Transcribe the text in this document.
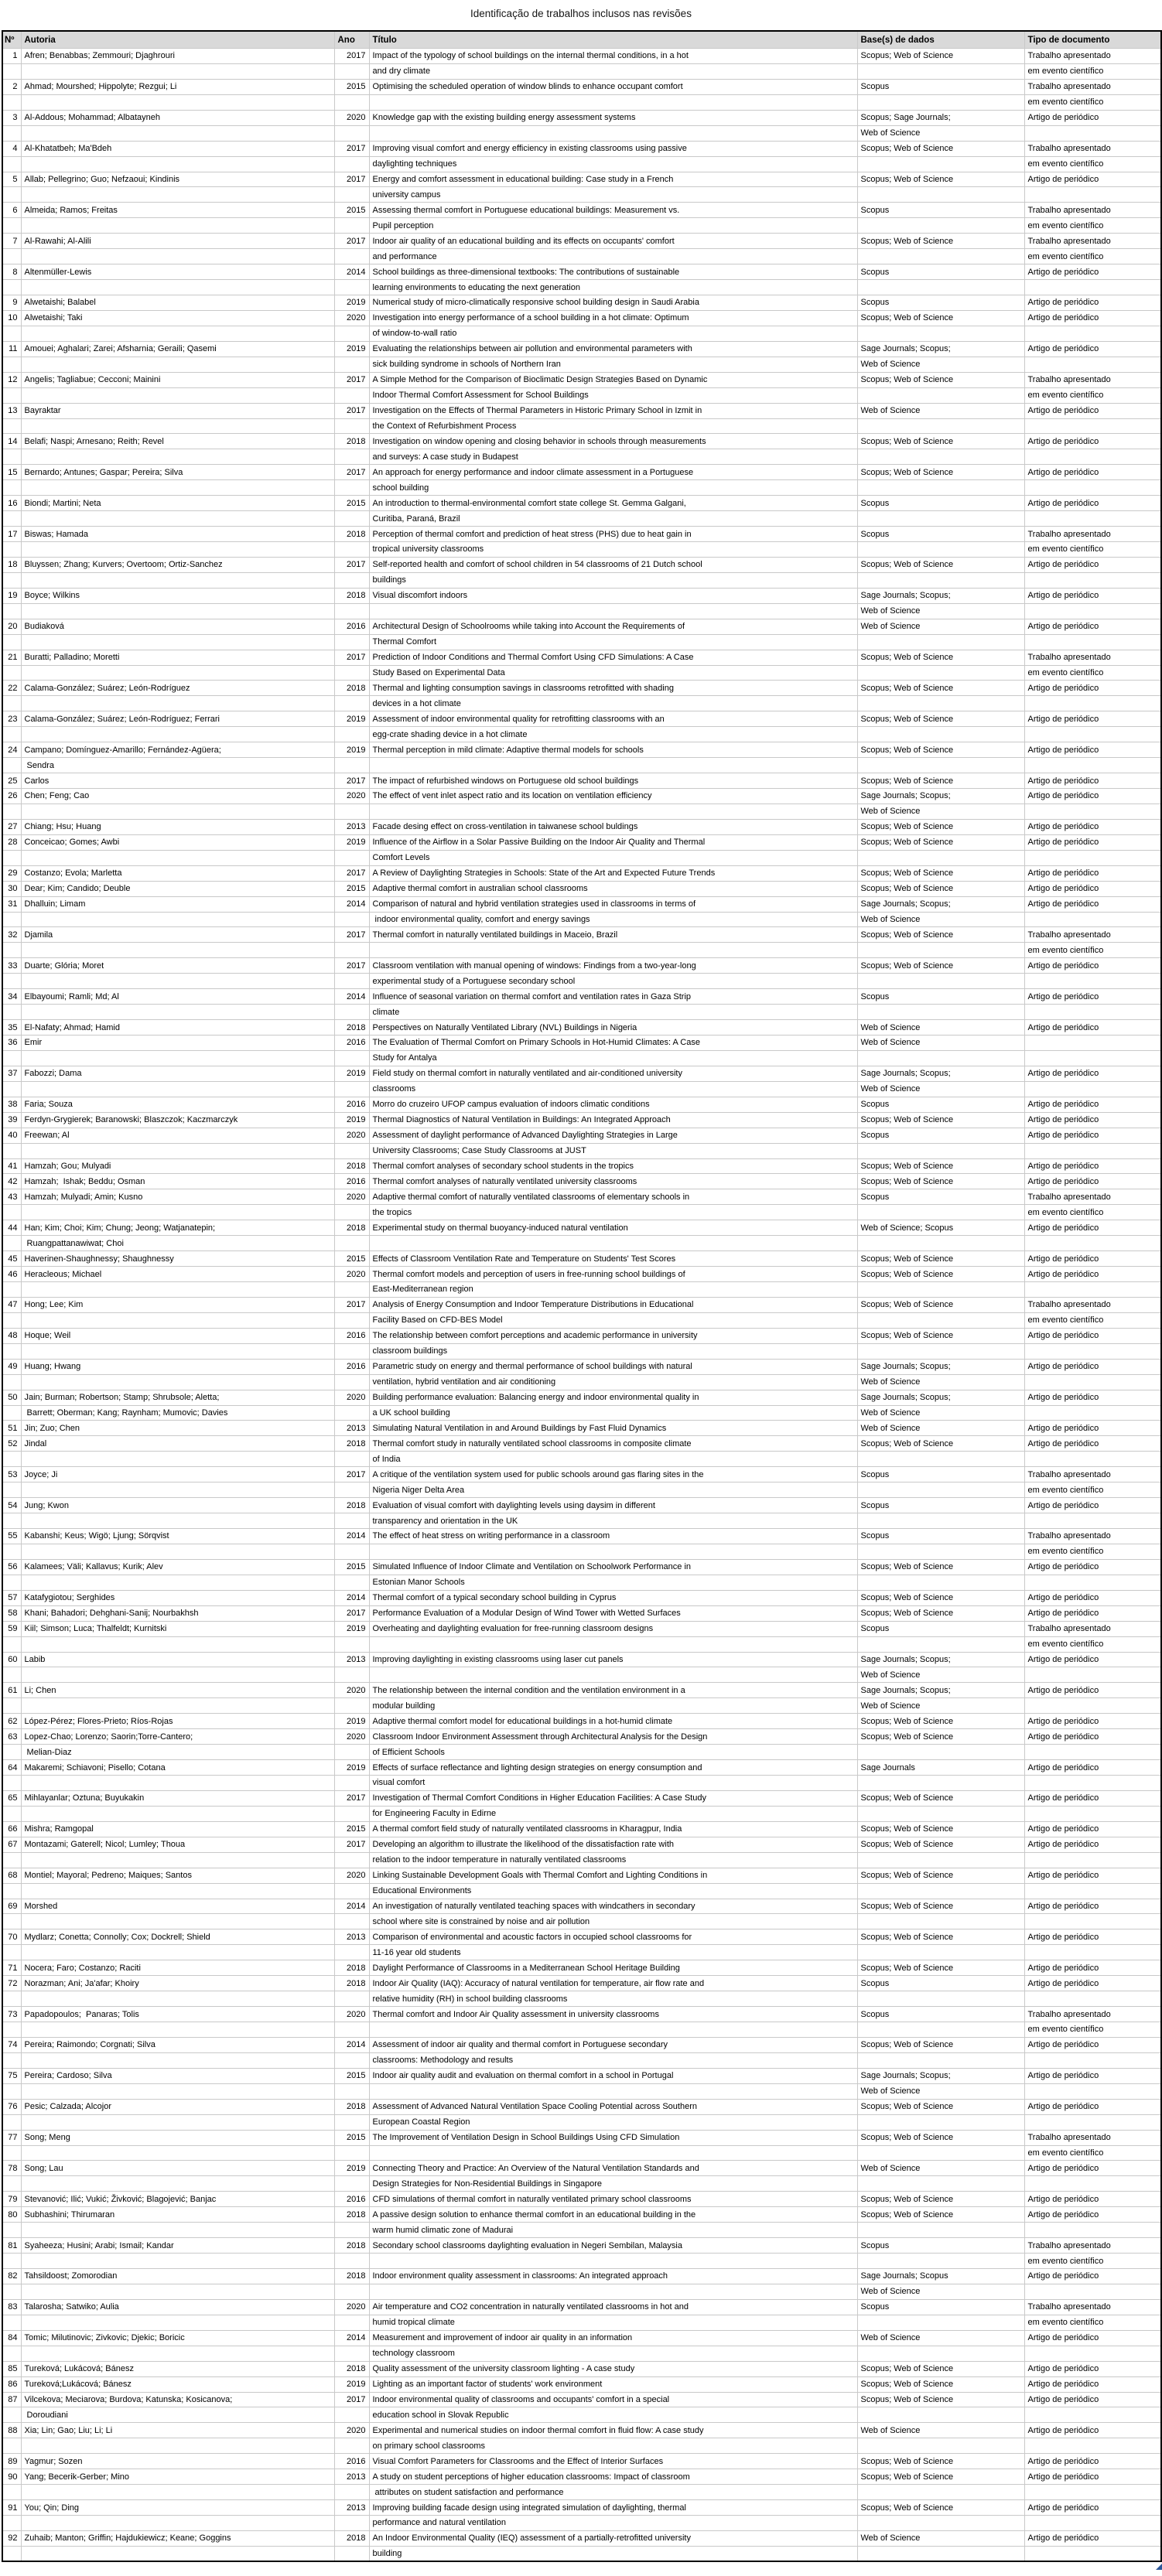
Identificação de trabalhos inclusos nas revisões
Nº	Autoria	Ano	Título	Base(s) de dados	Tipo de documento
1	Afren; Benabbas; Zemmouri; Djaghrouri	2017	Impact of the typology of school buildings on the internal thermal conditions, in a hot	Scopus; Web of Science	Trabalho apresentado
			and dry climate		em evento científico
2	Ahmad; Mourshed; Hippolyte; Rezgui; Li	2015	Optimising the scheduled operation of window blinds to enhance occupant comfort	Scopus	Trabalho apresentado
					em evento científico
3	Al-Addous; Mohammad; Albatayneh	2020	Knowledge gap with the existing building energy assessment systems	Scopus; Sage Journals;	Artigo de periódico
				Web of Science	
4	Al-Khatatbeh; Ma'Bdeh	2017	Improving visual comfort and energy efficiency in existing classrooms using passive	Scopus; Web of Science	Trabalho apresentado
			daylighting techniques		em evento científico
5	Allab; Pellegrino; Guo; Nefzaoui; Kindinis	2017	Energy and comfort assessment in educational building: Case study in a French	Scopus; Web of Science	Artigo de periódico
			university campus		
6	Almeida; Ramos; Freitas	2015	Assessing thermal comfort in Portuguese educational buildings: Measurement vs.	Scopus	Trabalho apresentado
			Pupil perception		em evento científico
7	Al-Rawahi; Al-Alili	2017	Indoor air quality of an educational building and its effects on occupants' comfort	Scopus; Web of Science	Trabalho apresentado
			and performance		em evento científico
8	Altenmüller-Lewis	2014	School buildings as three-dimensional textbooks: The contributions of sustainable	Scopus	Artigo de periódico
			learning environments to educating the next generation		
9	Alwetaishi; Balabel	2019	Numerical study of micro-climatically responsive school building design in Saudi Arabia	Scopus	Artigo de periódico
10	Alwetaishi; Taki	2020	Investigation into energy performance of a school building in a hot climate: Optimum	Scopus; Web of Science	Artigo de periódico
			of window-to-wall ratio		
11	Amouei; Aghalari; Zarei; Afsharnia; Geraili; Qasemi	2019	Evaluating the relationships between air pollution and environmental parameters with	Sage Journals; Scopus;	Artigo de periódico
			sick building syndrome in schools of Northern Iran	Web of Science	
12	Angelis; Tagliabue; Cecconi; Mainini	2017	A Simple Method for the Comparison of Bioclimatic Design Strategies Based on Dynamic	Scopus; Web of Science	Trabalho apresentado
			Indoor Thermal Comfort Assessment for School Buildings		em evento científico
13	Bayraktar	2017	Investigation on the Effects of Thermal Parameters in Historic Primary School in Izmit in	Web of Science	Artigo de periódico
			the Context of Refurbishment Process		
14	Belafi; Naspi; Arnesano; Reith; Revel	2018	Investigation on window opening and closing behavior in schools through measurements	Scopus; Web of Science	Artigo de periódico
			and surveys: A case study in Budapest		
15	Bernardo; Antunes; Gaspar; Pereira; Silva	2017	An approach for energy performance and indoor climate assessment in a Portuguese	Scopus; Web of Science	Artigo de periódico
			school building		
16	Biondi; Martini; Neta	2015	An introduction to thermal-environmental comfort state college St. Gemma Galgani,	Scopus	Artigo de periódico
			Curitiba, Paraná, Brazil		
17	Biswas; Hamada	2018	Perception of thermal comfort and prediction of heat stress (PHS) due to heat gain in	Scopus	Trabalho apresentado
			tropical university classrooms		em evento científico
18	Bluyssen; Zhang; Kurvers; Overtoom; Ortiz-Sanchez	2017	Self-reported health and comfort of school children in 54 classrooms of 21 Dutch school	Scopus; Web of Science	Artigo de periódico
			buildings		
19	Boyce; Wilkins	2018	Visual discomfort indoors	Sage Journals; Scopus;	Artigo de periódico
				Web of Science	
20	Budiaková	2016	Architectural Design of Schoolrooms while taking into Account the Requirements of	Web of Science	Artigo de periódico
			Thermal Comfort		
21	Buratti; Palladino; Moretti	2017	Prediction of Indoor Conditions and Thermal Comfort Using CFD Simulations: A Case	Scopus; Web of Science	Trabalho apresentado
			Study Based on Experimental Data		em evento científico
22	Calama-González; Suárez; León-Rodríguez	2018	Thermal and lighting consumption savings in classrooms retrofitted with shading	Scopus; Web of Science	Artigo de periódico
			devices in a hot climate		
23	Calama-González; Suárez; León-Rodríguez; Ferrari	2019	Assessment of indoor environmental quality for retrofitting classrooms with an	Scopus; Web of Science	Artigo de periódico
			egg-crate shading device in a hot climate		
24	Campano; Domínguez-Amarillo; Fernández-Agüera;	2019	Thermal perception in mild climate: Adaptive thermal models for schools	Scopus; Web of Science	Artigo de periódico
	Sendra				
25	Carlos	2017	The impact of refurbished windows on Portuguese old school buildings	Scopus; Web of Science	Artigo de periódico
26	Chen; Feng; Cao	2020	The effect of vent inlet aspect ratio and its location on ventilation efficiency	Sage Journals; Scopus;	Artigo de periódico
				Web of Science	
27	Chiang; Hsu; Huang	2013	Facade desing effect on cross-ventilation in taiwanese school buldings	Scopus; Web of Science	Artigo de periódico
28	Conceicao; Gomes; Awbi	2019	Influence of the Airflow in a Solar Passive Building on the Indoor Air Quality and Thermal	Scopus; Web of Science	Artigo de periódico
			Comfort Levels		
29	Costanzo; Evola; Marletta	2017	A Review of Daylighting Strategies in Schools: State of the Art and Expected Future Trends	Scopus; Web of Science	Artigo de periódico
30	Dear; Kim; Candido; Deuble	2015	Adaptive thermal comfort in australian school classrooms	Scopus; Web of Science	Artigo de periódico
31	Dhalluin; Limam	2014	Comparison of natural and hybrid ventilation strategies used in classrooms in terms of	Sage Journals; Scopus;	Artigo de periódico
			indoor environmental quality, comfort and energy savings	Web of Science	
32	Djamila	2017	Thermal comfort in naturally ventilated buildings in Maceio, Brazil	Scopus; Web of Science	Trabalho apresentado
					em evento científico
33	Duarte; Glória; Moret	2017	Classroom ventilation with manual opening of windows: Findings from a two-year-long	Scopus; Web of Science	Artigo de periódico
			experimental study of a Portuguese secondary school		
34	Elbayoumi; Ramli; Md; Al	2014	Influence of seasonal variation on thermal comfort and ventilation rates in Gaza Strip	Scopus	Artigo de periódico
			climate		
35	El-Nafaty; Ahmad; Hamid	2018	Perspectives on Naturally Ventilated Library (NVL) Buildings in Nigeria	Web of Science	Artigo de periódico
36	Emir	2016	The Evaluation of Thermal Comfort on Primary Schools in Hot-Humid Climates: A Case	Web of Science	
			Study for Antalya		
37	Fabozzi; Dama	2019	Field study on thermal comfort in naturally ventilated and air-conditioned university	Sage Journals; Scopus;	Artigo de periódico
			classrooms	Web of Science	
38	Faria; Souza	2016	Morro do cruzeiro UFOP campus evaluation of indoors climatic conditions	Scopus	Artigo de periódico
39	Ferdyn-Grygierek; Baranowski; Blaszczok; Kaczmarczyk	2019	Thermal Diagnostics of Natural Ventilation in Buildings: An Integrated Approach	Scopus; Web of Science	Artigo de periódico
40	Freewan; Al	2020	Assessment of daylight performance of Advanced Daylighting Strategies in Large	Scopus	Artigo de periódico
			University Classrooms; Case Study Classrooms at JUST		
41	Hamzah; Gou; Mulyadi	2018	Thermal comfort analyses of secondary school students in the tropics	Scopus; Web of Science	Artigo de periódico
42	Hamzah;  Ishak; Beddu; Osman	2016	Thermal comfort analyses of naturally ventilated university classrooms	Scopus; Web of Science	Artigo de periódico
43	Hamzah; Mulyadi; Amin; Kusno	2020	Adaptive thermal comfort of naturally ventilated classrooms of elementary schools in	Scopus	Trabalho apresentado
			the tropics		em evento científico
44	Han; Kim; Choi; Kim; Chung; Jeong; Watjanatepin;	2018	Experimental study on thermal buoyancy-induced natural ventilation	Web of Science; Scopus	Artigo de periódico
	Ruangpattanawiwat; Choi				
45	Haverinen-Shaughnessy; Shaughnessy	2015	Effects of Classroom Ventilation Rate and Temperature on Students' Test Scores	Scopus; Web of Science	Artigo de periódico
46	Heracleous; Michael	2020	Thermal comfort models and perception of users in free-running school buildings of	Scopus; Web of Science	Artigo de periódico
			East-Mediterranean region		
47	Hong; Lee; Kim	2017	Analysis of Energy Consumption and Indoor Temperature Distributions in Educational	Scopus; Web of Science	Trabalho apresentado
			Facility Based on CFD-BES Model		em evento científico
48	Hoque; Weil	2016	The relationship between comfort perceptions and academic performance in university	Scopus; Web of Science	Artigo de periódico
			classroom buildings		
49	Huang; Hwang	2016	Parametric study on energy and thermal performance of school buildings with natural	Sage Journals; Scopus;	Artigo de periódico
			ventilation, hybrid ventilation and air conditioning	Web of Science	
50	Jain; Burman; Robertson; Stamp; Shrubsole; Aletta;	2020	Building performance evaluation: Balancing energy and indoor environmental quality in	Sage Journals; Scopus;	Artigo de periódico
	Barrett; Oberman; Kang; Raynham; Mumovic; Davies		a UK school building	Web of Science	
51	Jin; Zuo; Chen	2013	Simulating Natural Ventilation in and Around Buildings by Fast Fluid Dynamics	Web of Science	Artigo de periódico
52	Jindal	2018	Thermal comfort study in naturally ventilated school classrooms in composite climate	Scopus; Web of Science	Artigo de periódico
			of India		
53	Joyce; Ji	2017	A critique of the ventilation system used for public schools around gas flaring sites in the	Scopus	Trabalho apresentado
			Nigeria Niger Delta Area		em evento científico
54	Jung; Kwon	2018	Evaluation of visual comfort with daylighting levels using daysim in different	Scopus	Artigo de periódico
			transparency and orientation in the UK		
55	Kabanshi; Keus; Wigö; Ljung; Sörqvist	2014	The effect of heat stress on writing performance in a classroom	Scopus	Trabalho apresentado
					em evento científico
56	Kalamees; Väli; Kallavus; Kurik; Alev	2015	Simulated Influence of Indoor Climate and Ventilation on Schoolwork Performance in	Scopus; Web of Science	Artigo de periódico
			Estonian Manor Schools		
57	Katafygiotou; Serghides	2014	Thermal comfort of a typical secondary school building in Cyprus	Scopus; Web of Science	Artigo de periódico
58	Khani; Bahadori; Dehghani-Sanij; Nourbakhsh	2017	Performance Evaluation of a Modular Design of Wind Tower with Wetted Surfaces	Scopus; Web of Science	Artigo de periódico
59	Kiil; Simson; Luca; Thalfeldt; Kurnitski	2019	Overheating and daylighting evaluation for free-running classroom designs	Scopus	Trabalho apresentado
					em evento científico
60	Labib	2013	Improving daylighting in existing classrooms using laser cut panels	Sage Journals; Scopus;	Artigo de periódico
				Web of Science	
61	Li; Chen	2020	The relationship between the internal condition and the ventilation environment in a	Sage Journals; Scopus;	Artigo de periódico
			modular building	Web of Science	
62	López-Pérez; Flores-Prieto; Ríos-Rojas	2019	Adaptive thermal comfort model for educational buildings in a hot-humid climate	Scopus; Web of Science	Artigo de periódico
63	Lopez-Chao; Lorenzo; Saorin;Torre-Cantero;	2020	Classroom Indoor Environment Assessment through Architectural Analysis for the Design	Scopus; Web of Science	Artigo de periódico
	Melian-Diaz		of Efficient Schools		
64	Makaremi; Schiavoni; Pisello; Cotana	2019	Effects of surface reflectance and lighting design strategies on energy consumption and	Sage Journals	Artigo de periódico
			visual comfort		
65	Mihlayanlar; Oztuna; Buyukakin	2017	Investigation of Thermal Comfort Conditions in Higher Education Facilities: A Case Study	Scopus; Web of Science	Artigo de periódico
			for Engineering Faculty in Edirne		
66	Mishra; Ramgopal	2015	A thermal comfort field study of naturally ventilated classrooms in Kharagpur, India	Scopus; Web of Science	Artigo de periódico
67	Montazami; Gaterell; Nicol; Lumley; Thoua	2017	Developing an algorithm to illustrate the likelihood of the dissatisfaction rate with	Scopus; Web of Science	Artigo de periódico
			relation to the indoor temperature in naturally ventilated classrooms		
68	Montiel; Mayoral; Pedreno; Maiques; Santos	2020	Linking Sustainable Development Goals with Thermal Comfort and Lighting Conditions in	Scopus; Web of Science	Artigo de periódico
			Educational Environments		
69	Morshed	2014	An investigation of naturally ventilated teaching spaces with windcathers in secondary	Scopus; Web of Science	Artigo de periódico
			school where site is constrained by noise and air pollution		
70	Mydlarz; Conetta; Connolly; Cox; Dockrell; Shield	2013	Comparison of environmental and acoustic factors in occupied school classrooms for	Scopus; Web of Science	Artigo de periódico
			11-16 year old students		
71	Nocera; Faro; Costanzo; Raciti	2018	Daylight Performance of Classrooms in a Mediterranean School Heritage Building	Scopus; Web of Science	Artigo de periódico
72	Norazman; Ani; Ja'afar; Khoiry	2018	Indoor Air Quality (IAQ): Accuracy of natural ventilation for temperature, air flow rate and	Scopus	Artigo de periódico
			relative humidity (RH) in school building classrooms		
73	Papadopoulos;  Panaras; Tolis	2020	Thermal comfort and Indoor Air Quality assessment in university classrooms	Scopus	Trabalho apresentado
					em evento científico
74	Pereira; Raimondo; Corgnati; Silva	2014	Assessment of indoor air quality and thermal comfort in Portuguese secondary	Scopus; Web of Science	Artigo de periódico
			classrooms: Methodology and results		
75	Pereira; Cardoso; Silva	2015	Indoor air quality audit and evaluation on thermal comfort in a school in Portugal	Sage Journals; Scopus;	Artigo de periódico
				Web of Science	
76	Pesic; Calzada; Alcojor	2018	Assessment of Advanced Natural Ventilation Space Cooling Potential across Southern	Scopus; Web of Science	Artigo de periódico
			European Coastal Region		
77	Song; Meng	2015	The Improvement of Ventilation Design in School Buildings Using CFD Simulation	Scopus; Web of Science	Trabalho apresentado
					em evento científico
78	Song; Lau	2019	Connecting Theory and Practice: An Overview of the Natural Ventilation Standards and	Web of Science	Artigo de periódico
			Design Strategies for Non-Residential Buildings in Singapore		
79	Stevanović; Ilić; Vukić; Živković; Blagojević; Banjac	2016	CFD simulations of thermal comfort in naturally ventilated primary school classrooms	Scopus; Web of Science	Artigo de periódico
80	Subhashini; Thirumaran	2018	A passive design solution to enhance thermal comfort in an educational building in the	Scopus; Web of Science	Artigo de periódico
			warm humid climatic zone of Madurai		
81	Syaheeza; Husini; Arabi; Ismail; Kandar	2018	Secondary school classrooms daylighting evaluation in Negeri Sembilan, Malaysia	Scopus	Trabalho apresentado
					em evento científico
82	Tahsildoost; Zomorodian	2018	Indoor environment quality assessment in classrooms: An integrated approach	Sage Journals; Scopus	Artigo de periódico
				Web of Science	
83	Talarosha; Satwiko; Aulia	2020	Air temperature and CO2 concentration in naturally ventilated classrooms in hot and	Scopus	Trabalho apresentado
			humid tropical climate		em evento científico
84	Tomic; Milutinovic; Zivkovic; Djekic; Boricic	2014	Measurement and improvement of indoor air quality in an information	Web of Science	Artigo de periódico
			technology classroom		
85	Tureková; Lukácová; Bánesz	2018	Quality assessment of the university classroom lighting - A case study	Scopus; Web of Science	Artigo de periódico
86	Tureková;Lukácová; Bánesz	2019	Lighting as an important factor of students' work environment	Scopus; Web of Science	Artigo de periódico
87	Vilcekova; Meciarova; Burdova; Katunska; Kosicanova;	2017	Indoor environmental quality of classrooms and occupants' comfort in a special	Scopus; Web of Science	Artigo de periódico
	Doroudiani		education school in Slovak Republic		
88	Xia; Lin; Gao; Liu; Li; Li	2020	Experimental and numerical studies on indoor thermal comfort in fluid flow: A case study	Web of Science	Artigo de periódico
			on primary school classrooms		
89	Yagmur; Sozen	2016	Visual Comfort Parameters for Classrooms and the Effect of Interior Surfaces	Scopus; Web of Science	Artigo de periódico
90	Yang; Becerik-Gerber; Mino	2013	A study on student perceptions of higher education classrooms: Impact of classroom	Scopus; Web of Science	Artigo de periódico
			attributes on student satisfaction and performance		
91	You; Qin; Ding	2013	Improving building facade design using integrated simulation of daylighting, thermal	Scopus; Web of Science	Artigo de periódico
			performance and natural ventilation		
92	Zuhaib; Manton; Griffin; Hajdukiewicz; Keane; Goggins	2018	An Indoor Environmental Quality (IEQ) assessment of a partially-retrofitted university	Web of Science	Artigo de periódico
			building		
